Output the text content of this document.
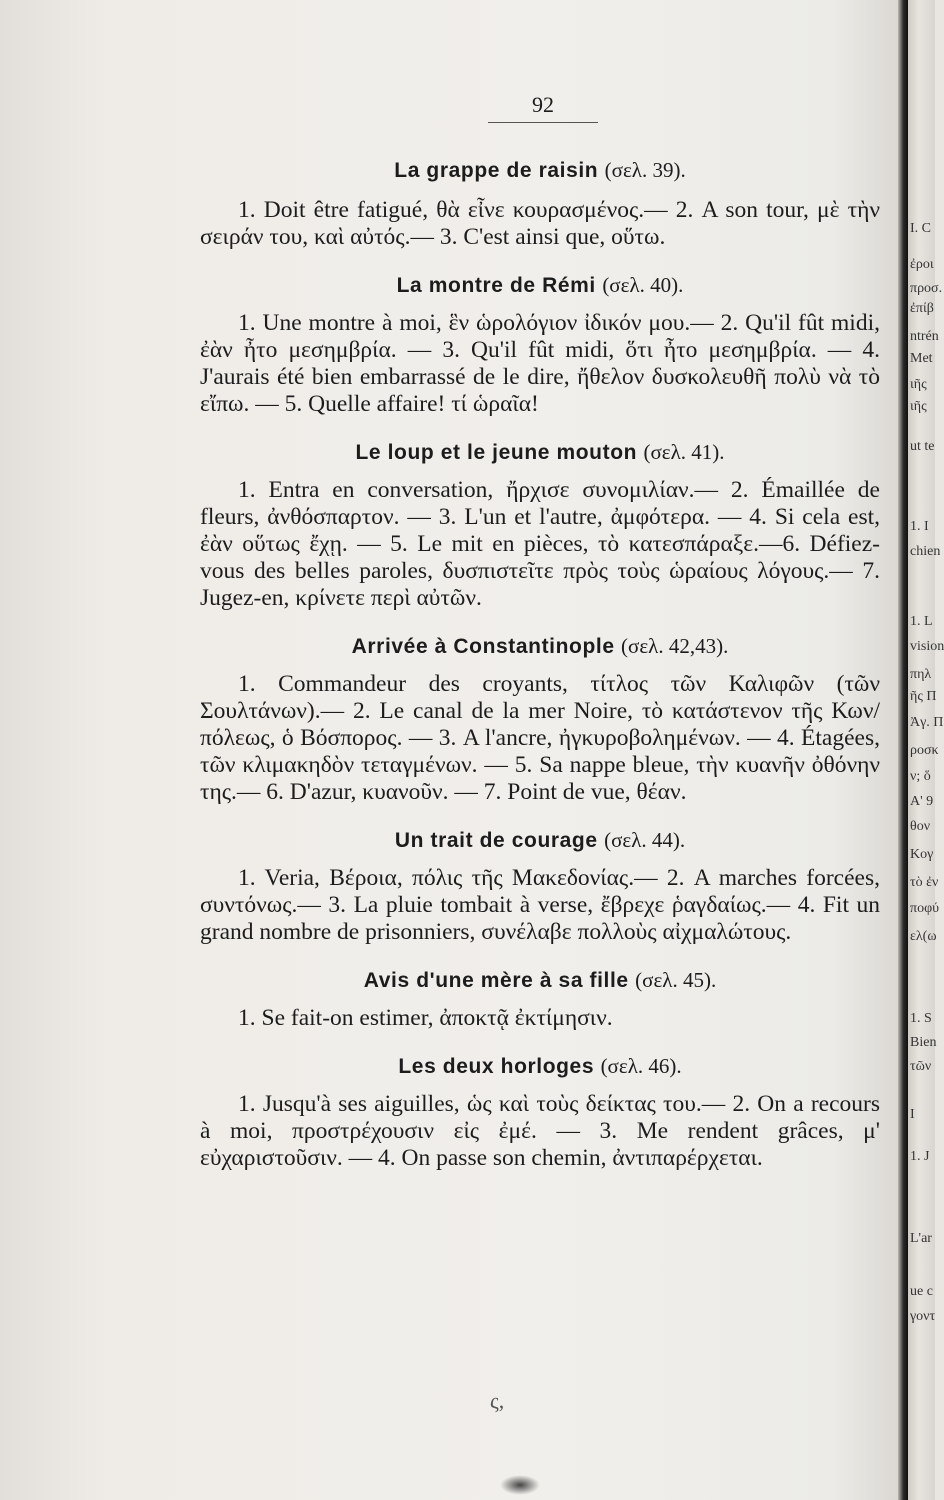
92

La grappe de raisin (σελ. 39).

1. Doit être fatigué, θὰ εἶνε κουρασμένος.— 2. A son tour, μὲ τὴν σειράν του, καὶ αὐτός.— 3. C'est ainsi que, οὕτω.

La montre de Rémi (σελ. 40).

1. Une montre à moi, ἓν ὡρολόγιον ἰδικόν μου.— 2. Qu'il fût midi, ἐὰν ἦτο μεσημβρία. — 3. Qu'il fût midi, ὅτι ἦτο μεσημβρία. — 4. J'aurais été bien embarrassé de le dire, ἤθελον δυσκολευθῆ πολὺ νὰ τὸ εἴπω. — 5. Quelle affaire! τί ὡραῖα!

Le loup et le jeune mouton (σελ. 41).

1. Entra en conversation, ἤρχισε συνομιλίαν.— 2. Émaillée de fleurs, ἀνθόσπαρτον. — 3. L'un et l'autre, ἀμφότερα. — 4. Si cela est, ἐὰν οὕτως ἔχῃ. — 5. Le mit en pièces, τὸ κατεσπάραξε.—6. Défiez-vous des belles paroles, δυσπιστεῖτε πρὸς τοὺς ὡραίους λόγους.— 7. Jugez-en, κρίνετε περὶ αὐτῶν.

Arrivée à Constantinople (σελ. 42,43).

1. Commandeur des croyants, τίτλος τῶν Καλιφῶν (τῶν Σουλτάνων).— 2. Le canal de la mer Noire, τὸ κατάστενον τῆς Κων/πόλεως, ὁ Βόσπορος. — 3. A l'ancre, ἠγκυροβολημένων. — 4. Étagées, τῶν κλιμακηδὸν τεταγμένων. — 5. Sa nappe bleue, τὴν κυανῆν ὀθόνην της.— 6. D'azur, κυανοῦν. — 7. Point de vue, θέαν.

Un trait de courage (σελ. 44).

1. Veria, Βέροια, πόλις τῆς Μακεδονίας.— 2. A marches forcées, συντόνως.— 3. La pluie tombait à verse, ἔβρεχε ῥαγδαίως.— 4. Fit un grand nombre de prisonniers, συνέλαβε πολλοὺς αἰχμαλώτους.

Avis d'une mère à sa fille (σελ. 45).

1. Se fait-on estimer, ἀποκτᾷ ἐκτίμησιν.

Les deux horloges (σελ. 46).

1. Jusqu'à ses aiguilles, ὡς καὶ τοὺς δείκτας του.— 2. On a recours à moi, προστρέχουσιν εἰς ἐμέ. — 3. Me rendent grâces, μ' εὐχαριστοῦσιν. — 4. On passe son chemin, ἀντιπαρέρχεται.

ς,
I. C
ἐροι
προσ.
ἐπίβ
ntrén
Met
ιῆς
ιῆς
ut te
1. I
chien
1. L
vision
πηλ
ῆς Π
Ἀγ. Π
ροσκ
ν; ὅ
Α' 9
θον
Κογ
τὸ ἐν
ποφύ
ελ(ω
1. S
Bien
τῶν
I
1. J
L'ar
ue c
γοντ
